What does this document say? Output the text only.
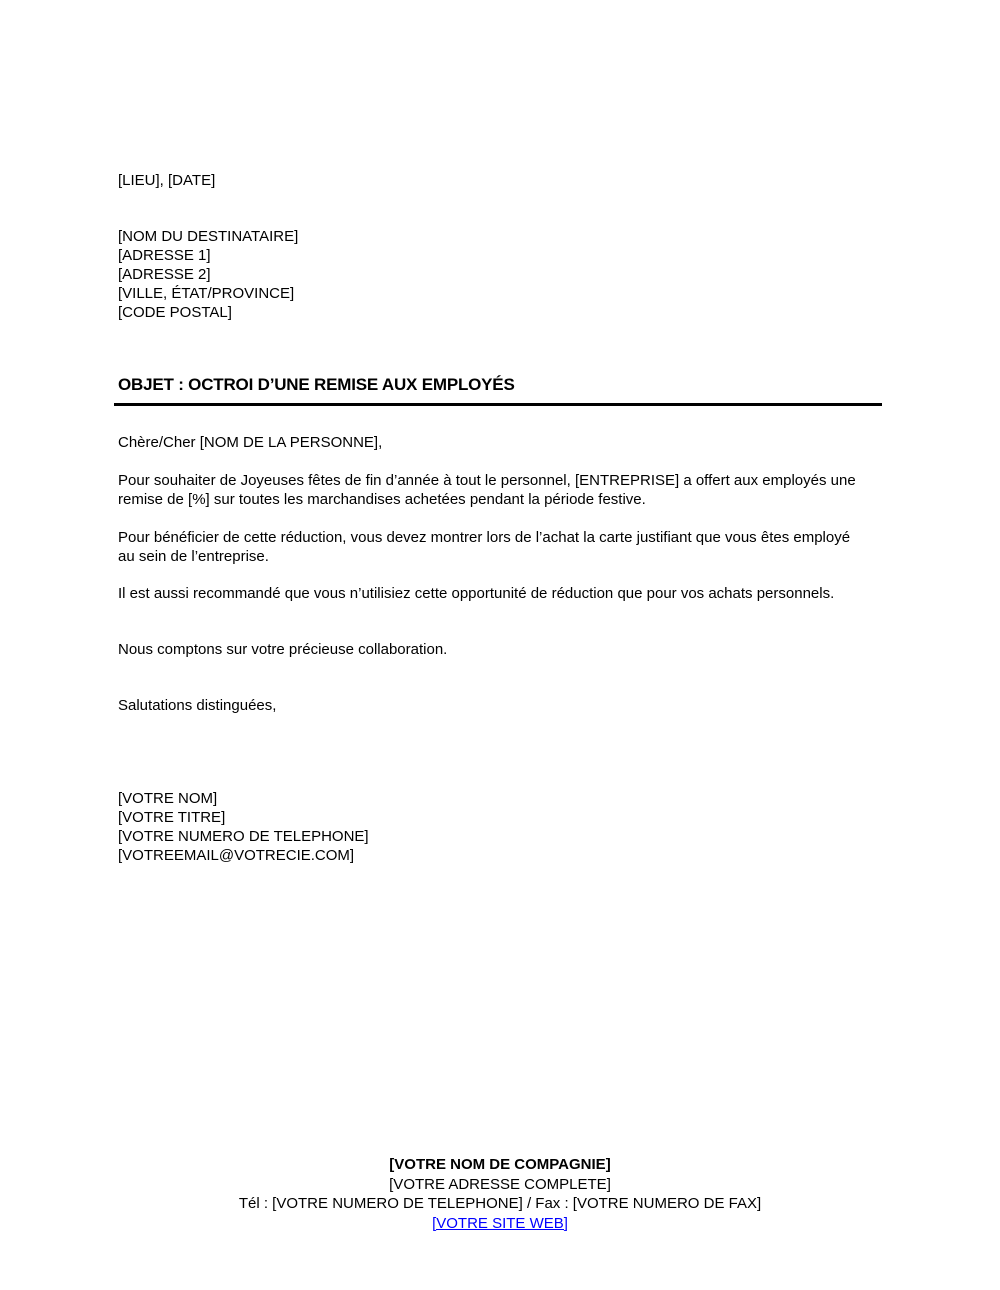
[LIEU], [DATE]
[NOM DU DESTINATAIRE]
[ADRESSE 1]
[ADRESSE 2]
[VILLE, ÉTAT/PROVINCE]
[CODE POSTAL]
OBJET : OCTROI D’UNE REMISE AUX EMPLOYÉS
Chère/Cher [NOM DE LA PERSONNE],
Pour souhaiter de Joyeuses fêtes de fin d’année à tout le personnel, [ENTREPRISE] a offert aux employés une remise de [%] sur toutes les marchandises achetées pendant la période festive.
Pour bénéficier de cette réduction, vous devez montrer lors de l’achat la carte justifiant que vous êtes employé au sein de l’entreprise.
Il est aussi recommandé que vous n’utilisiez cette opportunité de réduction que pour vos achats personnels.
Nous comptons sur votre précieuse collaboration.
Salutations distinguées,
[VOTRE NOM]
[VOTRE TITRE]
[VOTRE NUMERO DE TELEPHONE]
[VOTREEMAIL@VOTRECIE.COM]
[VOTRE NOM DE COMPAGNIE]
[VOTRE ADRESSE COMPLETE]
Tél : [VOTRE NUMERO DE TELEPHONE] / Fax : [VOTRE NUMERO DE FAX]
[VOTRE SITE WEB]
